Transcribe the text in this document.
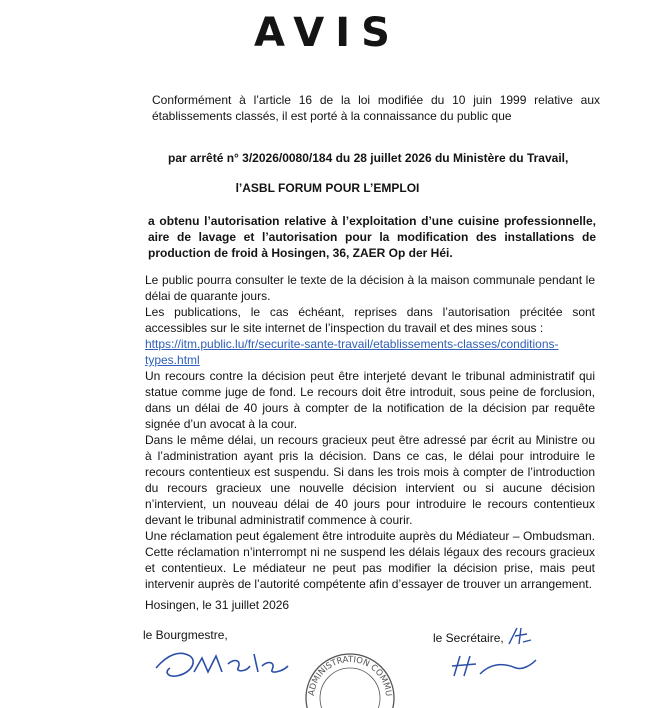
AVIS

Conformément à l’article 16 de la loi modifiée du 10 juin 1999 relative aux établissements classés, il est porté à la connaissance du public que

par arrêté n° 3/2026/0080/184 du 28 juillet 2026 du Ministère du Travail,

l’ASBL FORUM POUR L’EMPLOI

a obtenu l’autorisation relative à l’exploitation d’une cuisine professionnelle, aire de lavage et l’autorisation pour la modification des installations de production de froid à Hosingen, 36, ZAER Op der Héi.

Le public pourra consulter le texte de la décision à la maison communale pendant le délai de quarante jours.

Les publications, le cas échéant, reprises dans l’autorisation précitée sont accessibles sur le site internet de l’inspection du travail et des mines sous :

https://itm.public.lu/fr/securite-sante-travail/etablissements-classes/conditions-types.html

Un recours contre la décision peut être interjeté devant le tribunal administratif qui statue comme juge de fond. Le recours doit être introduit, sous peine de forclusion, dans un délai de 40 jours à compter de la notification de la décision par requête signée d’un avocat à la cour.

Dans le même délai, un recours gracieux peut être adressé par écrit au Ministre ou à l’administration ayant pris la décision. Dans ce cas, le délai pour introduire le recours contentieux est suspendu. Si dans les trois mois à compter de l’introduction du recours gracieux une nouvelle décision intervient ou si aucune décision n’intervient, un nouveau délai de 40 jours pour introduire le recours contentieux devant le tribunal administratif commence à courir.

Une réclamation peut également être introduite auprès du Médiateur – Ombudsman. Cette réclamation n’interrompt ni ne suspend les délais légaux des recours gracieux et contentieux. Le médiateur ne peut pas modifier la décision prise, mais peut intervenir auprès de l’autorité compétente afin d’essayer de trouver un arrangement.

Hosingen, le 31 juillet 2026

le Bourgmestre,	le Secrétaire,

ADMINISTRATION COMMUNALE
